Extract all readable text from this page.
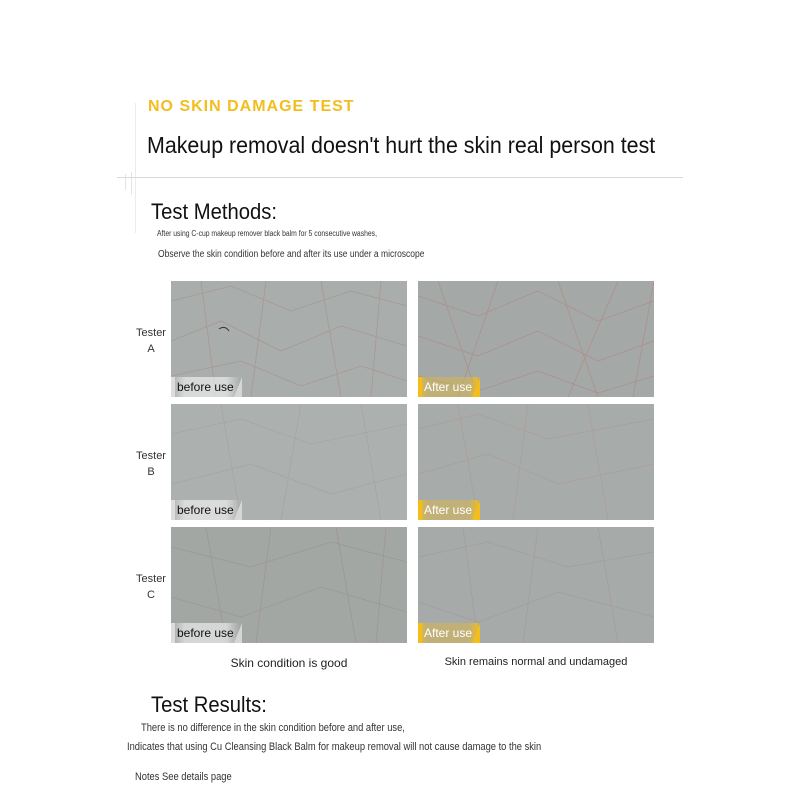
NO SKIN DAMAGE TEST
Makeup removal doesn't hurt the skin real person test
Test Methods:
After using C-cup makeup remover black balm for 5 consecutive washes,
Observe the skin condition before and after its use under a microscope
Tester
A
Tester
B
Tester
C
before use	After use
before use	After use
before use	After use
Skin condition is good	Skin remains normal and undamaged
Test Results:
There is no difference in the skin condition before and after use,
Indicates that using Cu Cleansing Black Balm for makeup removal will not cause damage to the skin
Notes See details page
